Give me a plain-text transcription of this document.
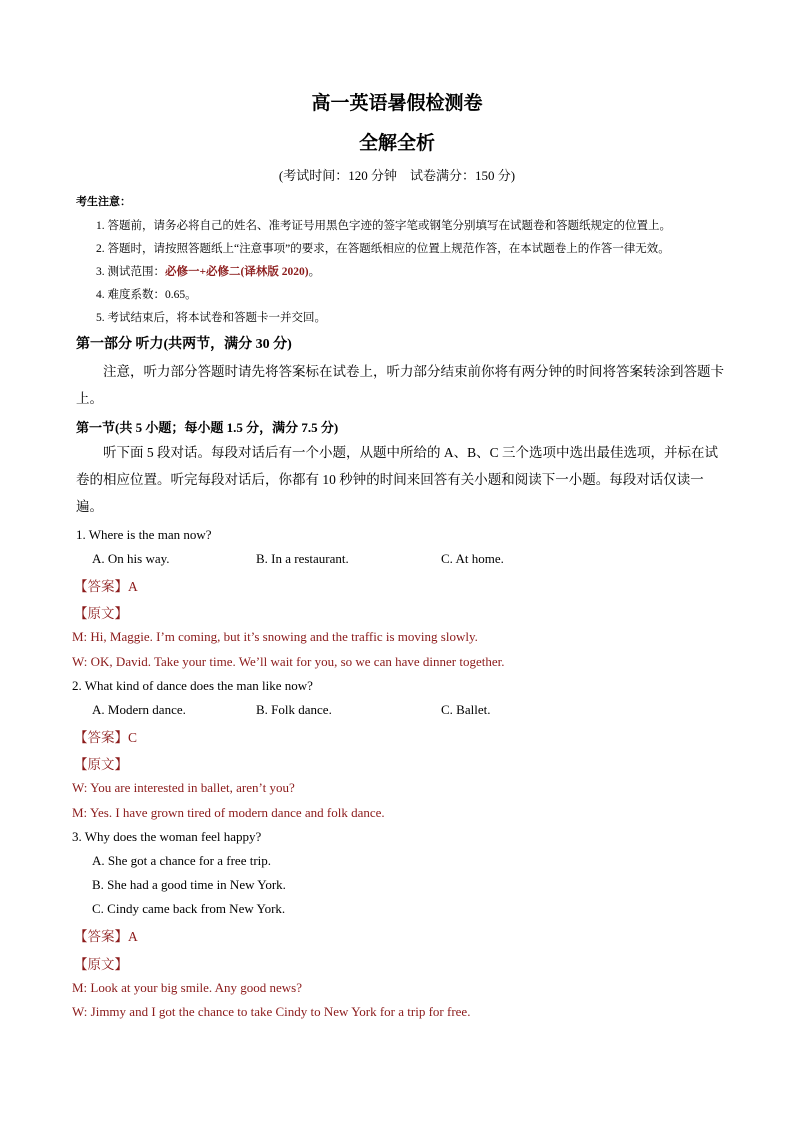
高一英语暑假检测卷
全解全析
(考试时间：120 分钟　试卷满分：150 分)
考生注意：
1. 答题前，请务必将自己的姓名、准考证号用黑色字迹的签字笔或钢笔分别填写在试题卷和答题纸规定的位置上。
2. 答题时，请按照答题纸上“注意事项”的要求，在答题纸相应的位置上规范作答，在本试题卷上的作答一律无效。
3. 测试范围：必修一+必修二(译林版 2020)。
4. 难度系数：0.65。
5. 考试结束后，将本试卷和答题卡一并交回。
第一部分 听力(共两节，满分 30 分)
注意，听力部分答题时请先将答案标在试卷上，听力部分结束前你将有两分钟的时间将答案转涂到答题卡上。
第一节(共 5 小题；每小题 1.5 分，满分 7.5 分)
听下面 5 段对话。每段对话后有一个小题，从题中所给的 A、B、C 三个选项中选出最佳选项，并标在试卷的相应位置。听完每段对话后，你都有 10 秒钟的时间来回答有关小题和阅读下一小题。每段对话仅读一遍。
1. Where is the man now?
A. On his way.	B. In a restaurant.	C. At home.
【答案】A
【原文】
M: Hi, Maggie. I’m coming, but it’s snowing and the traffic is moving slowly.
W: OK, David. Take your time. We’ll wait for you, so we can have dinner together.
2. What kind of dance does the man like now?
A. Modern dance.	B. Folk dance.	C. Ballet.
【答案】C
【原文】
W: You are interested in ballet, aren’t you?
M: Yes. I have grown tired of modern dance and folk dance.
3. Why does the woman feel happy?
A. She got a chance for a free trip.
B. She had a good time in New York.
C. Cindy came back from New York.
【答案】A
【原文】
M: Look at your big smile. Any good news?
W: Jimmy and I got the chance to take Cindy to New York for a trip for free.
